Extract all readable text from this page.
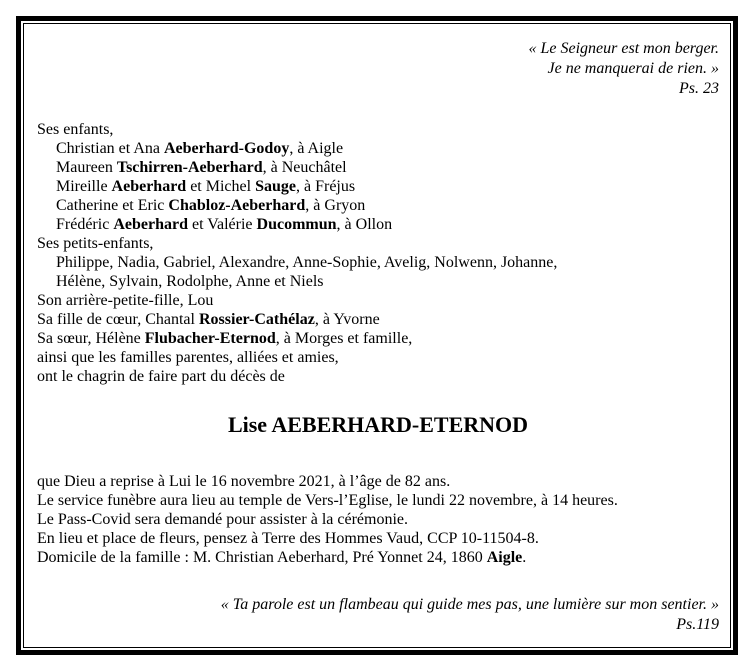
« Le Seigneur est mon berger.
Je ne manquerai de rien. »
Ps. 23
Ses enfants,
Christian et Ana Aeberhard-Godoy, à Aigle
Maureen Tschirren-Aeberhard, à Neuchâtel
Mireille Aeberhard et Michel Sauge, à Fréjus
Catherine et Eric Chabloz-Aeberhard, à Gryon
Frédéric Aeberhard et Valérie Ducommun, à Ollon
Ses petits-enfants,
Philippe, Nadia, Gabriel, Alexandre, Anne-Sophie, Avelig, Nolwenn, Johanne,
Hélène, Sylvain, Rodolphe, Anne et Niels
Son arrière-petite-fille, Lou
Sa fille de cœur, Chantal Rossier-Cathélaz, à Yvorne
Sa sœur, Hélène Flubacher-Eternod, à Morges et famille,
ainsi que les familles parentes, alliées et amies,
ont le chagrin de faire part du décès de
Lise AEBERHARD-ETERNOD
que Dieu a reprise à Lui le 16 novembre 2021, à l’âge de 82 ans.
Le service funèbre aura lieu au temple de Vers-l’Eglise, le lundi 22 novembre, à 14 heures.
Le Pass-Covid sera demandé pour assister à la cérémonie.
En lieu et place de fleurs, pensez à Terre des Hommes Vaud, CCP 10-11504-8.
Domicile de la famille : M. Christian Aeberhard, Pré Yonnet 24, 1860 Aigle.
« Ta parole est un flambeau qui guide mes pas, une lumière sur mon sentier. »
Ps.119
